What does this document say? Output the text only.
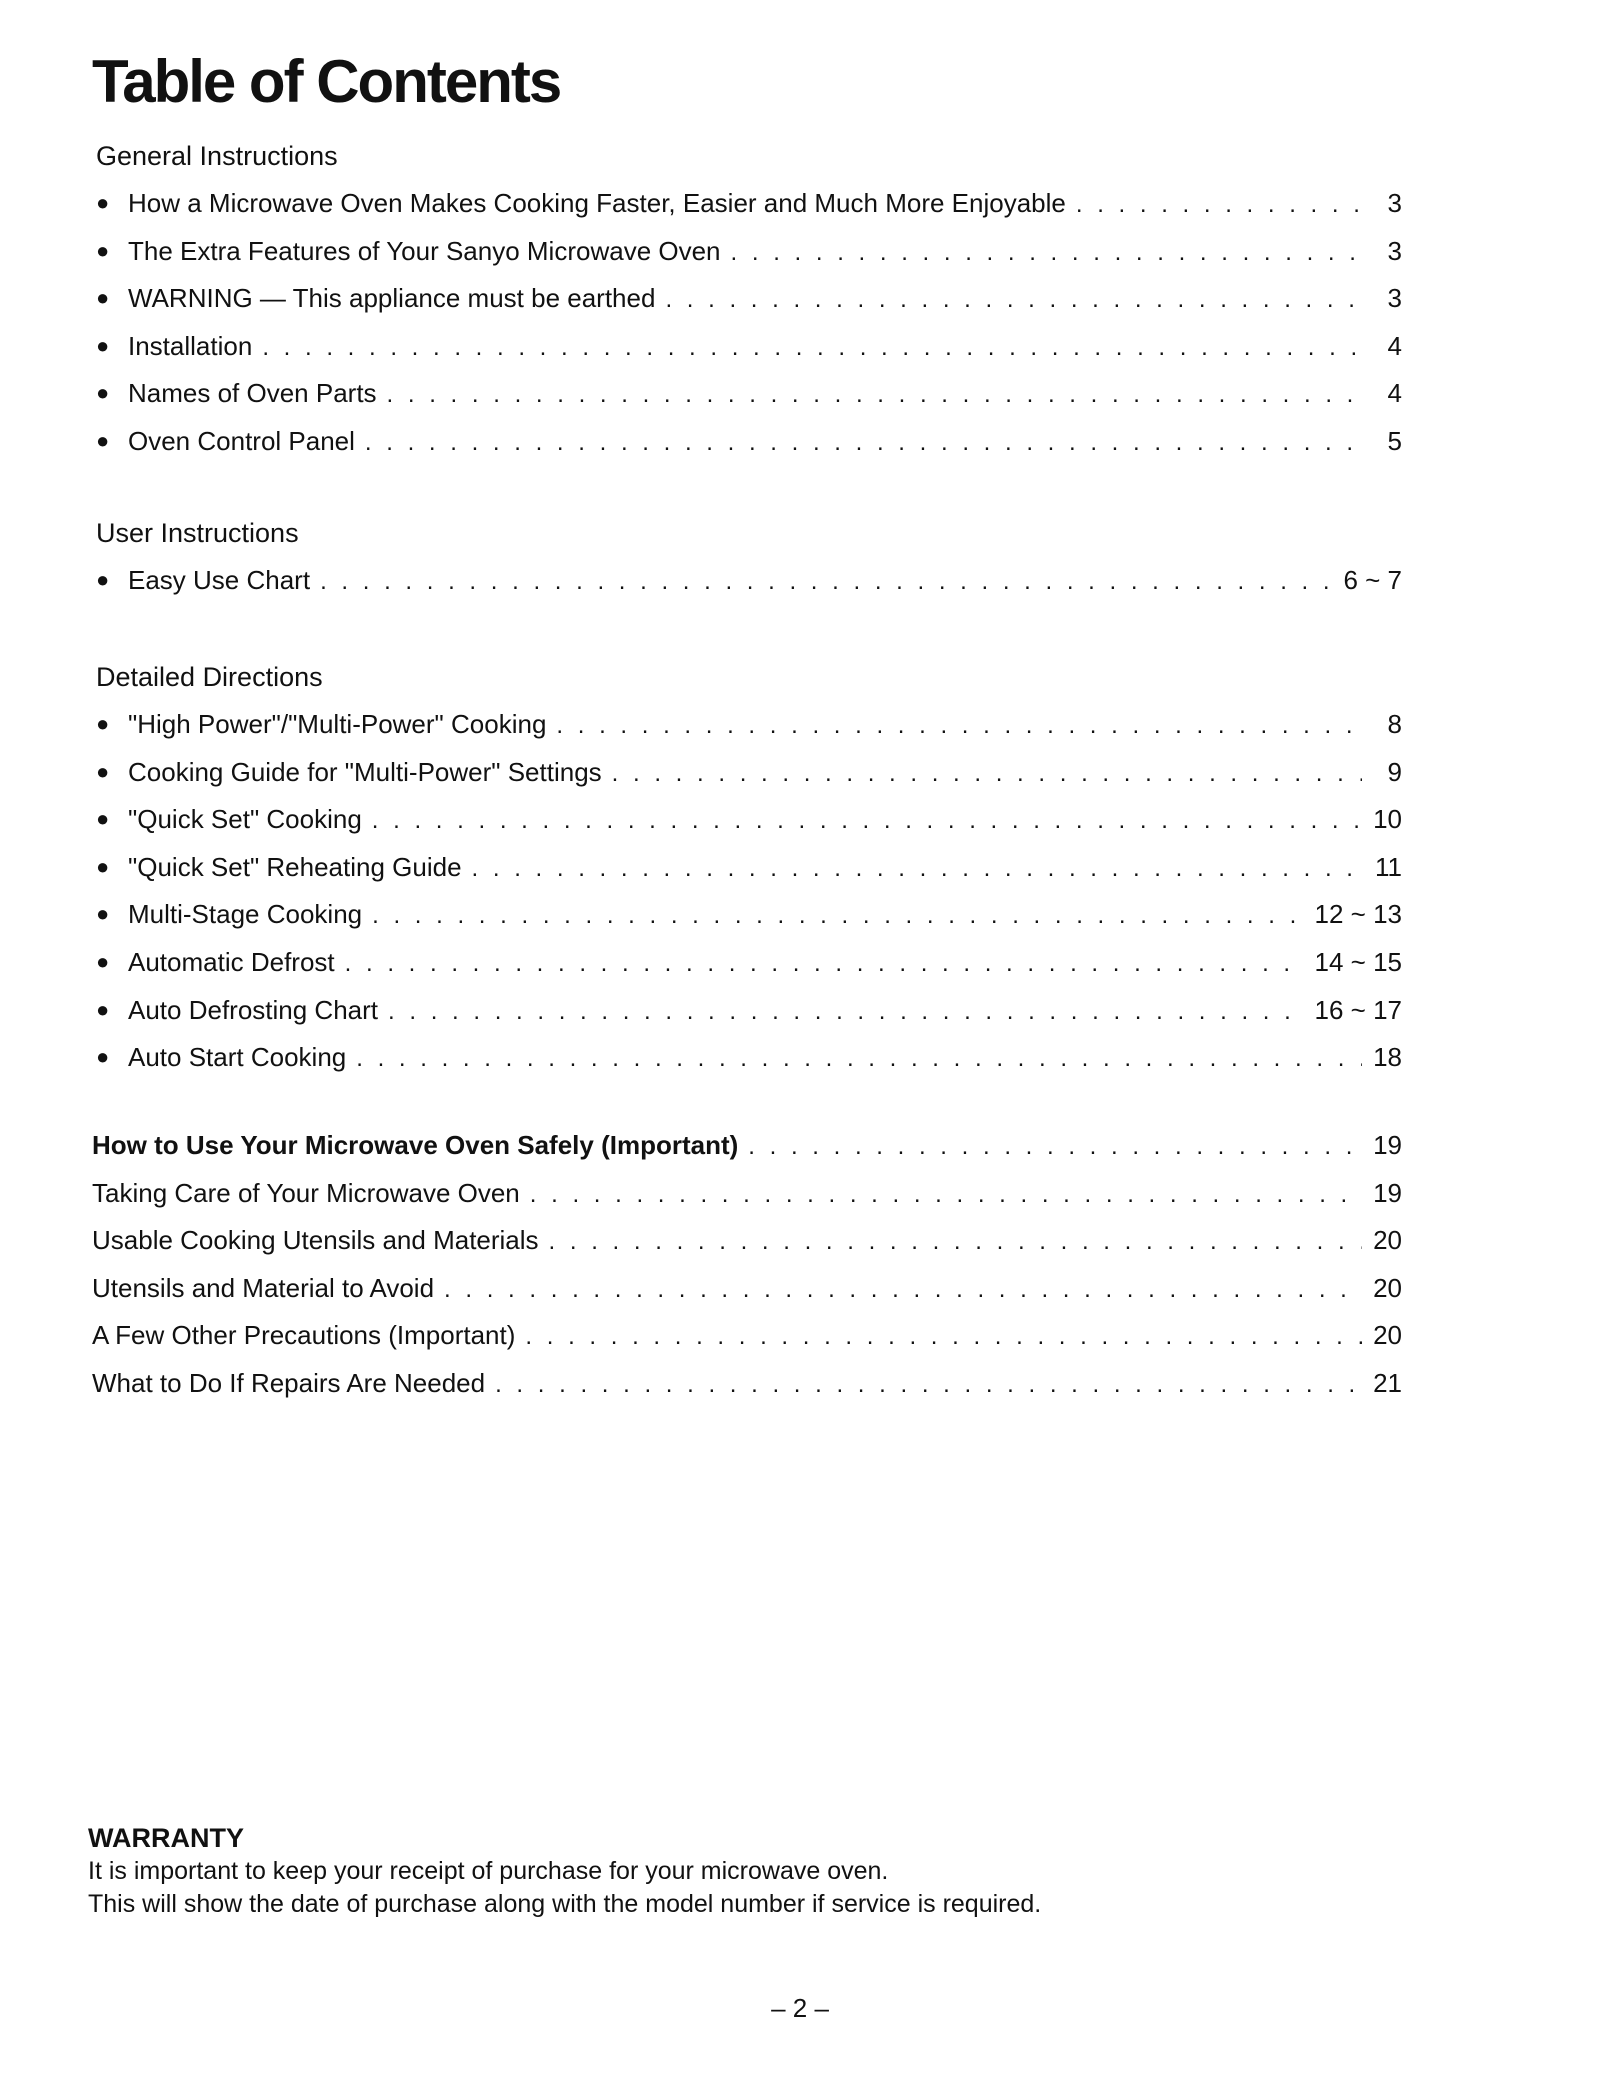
Table of Contents
General Instructions
● How a Microwave Oven Makes Cooking Faster, Easier and Much More Enjoyable . . .	3
● The Extra Features of Your Sanyo Microwave Oven . . .	3
● WARNING — This appliance must be earthed . . .	3
● Installation . . .	4
● Names of Oven Parts . . .	4
● Oven Control Panel . . .	5
User Instructions
● Easy Use Chart . . .	6 ~ 7
Detailed Directions
● "High Power"/"Multi-Power" Cooking . . .	8
● Cooking Guide for "Multi-Power" Settings . . .	9
● "Quick Set" Cooking . . .	10
● "Quick Set" Reheating Guide . . .	11
● Multi-Stage Cooking . . .	12 ~ 13
● Automatic Defrost . . .	14 ~ 15
● Auto Defrosting Chart . . .	16 ~ 17
● Auto Start Cooking . . .	18
How to Use Your Microwave Oven Safely (Important) . . .	19
Taking Care of Your Microwave Oven . . .	19
Usable Cooking Utensils and Materials . . .	20
Utensils and Material to Avoid . . .	20
A Few Other Precautions (Important) . . .	20
What to Do If Repairs Are Needed . . .	21
WARRANTY
It is important to keep your receipt of purchase for your microwave oven.
This will show the date of purchase along with the model number if service is required.
– 2 –
